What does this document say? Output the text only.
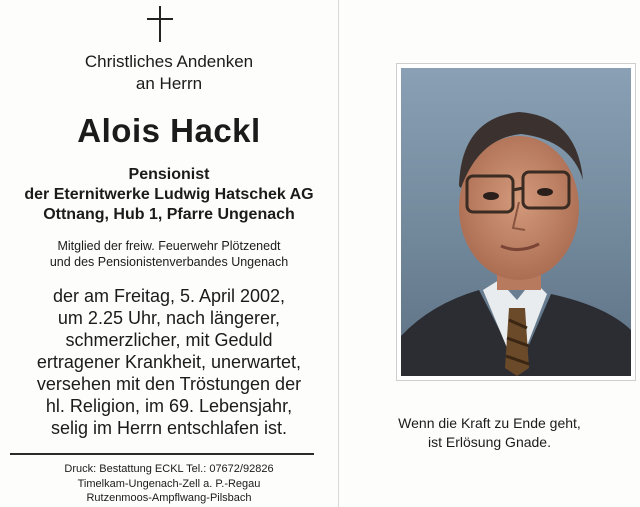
Christliches Andenken
an Herrn
Alois Hackl
Pensionist
der Eternitwerke Ludwig Hatschek AG
Ottnang, Hub 1, Pfarre Ungenach
Mitglied der freiw. Feuerwehr Plötzenedt
und des Pensionistenverbandes Ungenach
der am Freitag, 5. April 2002,
um 2.25 Uhr, nach längerer,
schmerzlicher, mit Geduld
ertragener Krankheit, unerwartet,
versehen mit den Tröstungen der
hl. Religion, im 69. Lebensjahr,
selig im Herrn entschlafen ist.
Druck: Bestattung ECKL Tel.: 07672/92826
Timelkam-Ungenach-Zell a. P.-Regau
Rutzenmoos-Ampflwang-Pilsbach
Wenn die Kraft zu Ende geht,
ist Erlösung Gnade.
